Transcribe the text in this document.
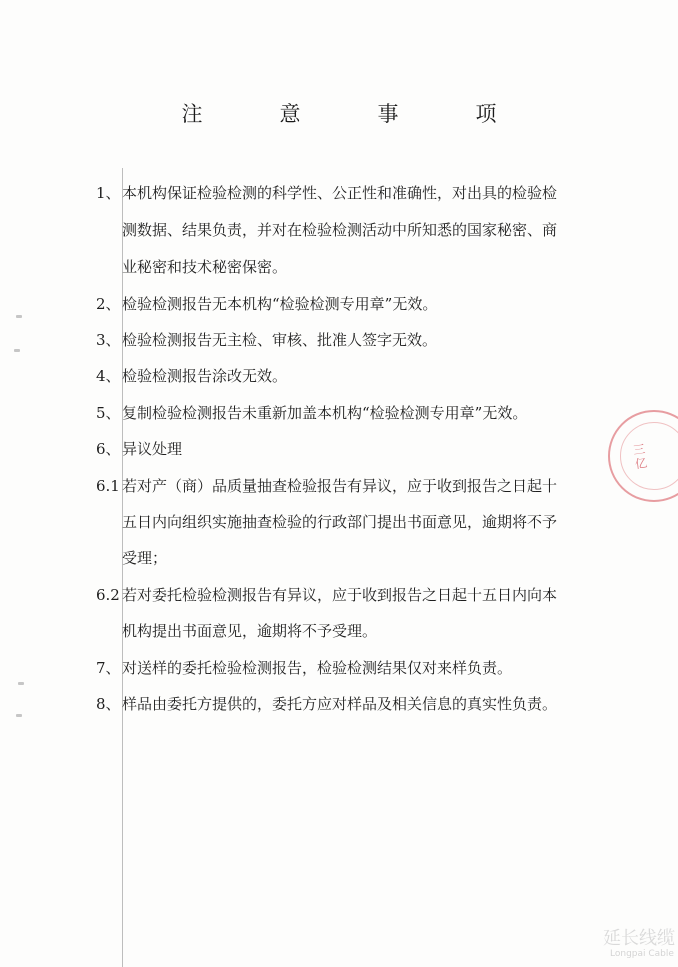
注　意　事　项
1、 本机构保证检验检测的科学性、公正性和准确性，对出具的检验检
测数据、结果负责，并对在检验检测活动中所知悉的国家秘密、商
业秘密和技术秘密保密。
2、 检验检测报告无本机构“检验检测专用章”无效。
3、 检验检测报告无主检、审核、批准人签字无效。
4、 检验检测报告涂改无效。
5、 复制检验检测报告未重新加盖本机构“检验检测专用章”无效。
6、 异议处理
6.1 若对产（商）品质量抽查检验报告有异议，应于收到报告之日起十
五日内向组织实施抽查检验的行政部门提出书面意见，逾期将不予
受理；
6.2 若对委托检验检测报告有异议，应于收到报告之日起十五日内向本
机构提出书面意见，逾期将不予受理。
7、 对送样的委托检验检测报告，检验检测结果仅对来样负责。
8、 样品由委托方提供的，委托方应对样品及相关信息的真实性负责。
三亿
延长线缆
Longpai Cable
